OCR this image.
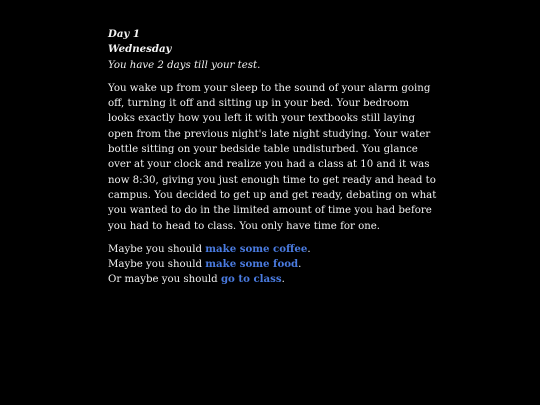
Day 1
Wednesday
You have 2 days till your test.

You wake up from your sleep to the sound of your alarm going off, turning it off and sitting up in your bed. Your bedroom looks exactly how you left it with your textbooks still laying open from the previous night's late night studying. Your water bottle sitting on your bedside table undisturbed. You glance over at your clock and realize you had a class at 10 and it was now 8:30, giving you just enough time to get ready and head to campus. You decided to get up and get ready, debating on what you wanted to do in the limited amount of time you had before you had to head to class. You only have time for one.

Maybe you should make some coffee.
Maybe you should make some food.
Or maybe you should go to class.
